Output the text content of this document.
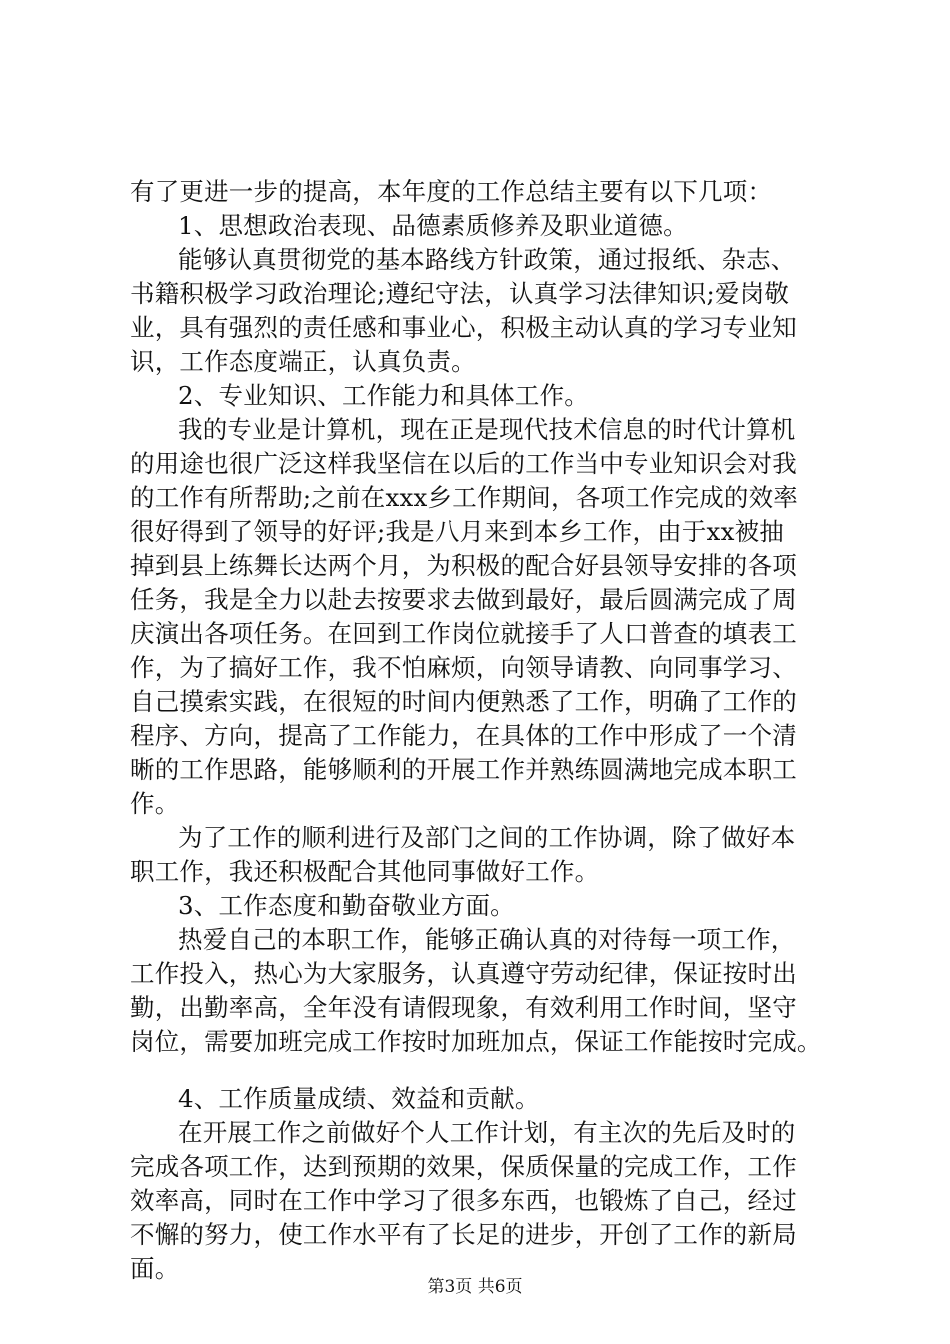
有了更进一步的提高，本年度的工作总结主要有以下几项：
1、思想政治表现、品德素质修养及职业道德。
能够认真贯彻党的基本路线方针政策，通过报纸、杂志、
书籍积极学习政治理论;遵纪守法，认真学习法律知识;爱岗敬
业，具有强烈的责任感和事业心，积极主动认真的学习专业知
识，工作态度端正，认真负责。
2、专业知识、工作能力和具体工作。
我的专业是计算机，现在正是现代技术信息的时代计算机
的用途也很广泛这样我坚信在以后的工作当中专业知识会对我
的工作有所帮助;之前在xxx乡工作期间，各项工作完成的效率
很好得到了领导的好评;我是八月来到本乡工作，由于xx被抽
掉到县上练舞长达两个月，为积极的配合好县领导安排的各项
任务，我是全力以赴去按要求去做到最好，最后圆满完成了周
庆演出各项任务。在回到工作岗位就接手了人口普查的填表工
作，为了搞好工作，我不怕麻烦，向领导请教、向同事学习、
自己摸索实践，在很短的时间内便熟悉了工作，明确了工作的
程序、方向，提高了工作能力，在具体的工作中形成了一个清
晰的工作思路，能够顺利的开展工作并熟练圆满地完成本职工
作。
为了工作的顺利进行及部门之间的工作协调，除了做好本
职工作，我还积极配合其他同事做好工作。
3、工作态度和勤奋敬业方面。
热爱自己的本职工作，能够正确认真的对待每一项工作，
工作投入，热心为大家服务，认真遵守劳动纪律，保证按时出
勤，出勤率高，全年没有请假现象，有效利用工作时间，坚守
岗位，需要加班完成工作按时加班加点，保证工作能按时完成。
4、工作质量成绩、效益和贡献。
在开展工作之前做好个人工作计划，有主次的先后及时的
完成各项工作，达到预期的效果，保质保量的完成工作，工作
效率高，同时在工作中学习了很多东西，也锻炼了自己，经过
不懈的努力，使工作水平有了长足的进步，开创了工作的新局
面。
第3页 共6页
